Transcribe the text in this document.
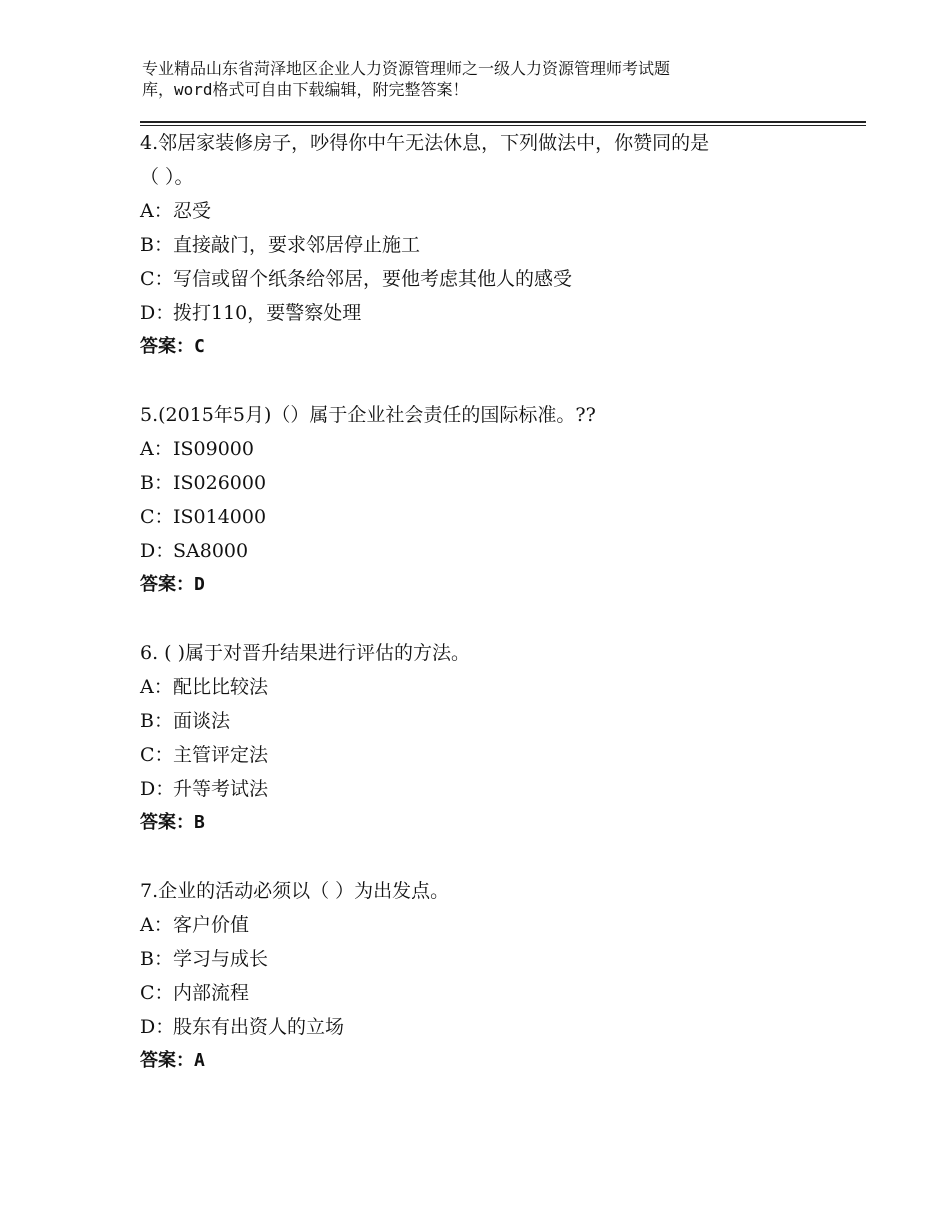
专业精品山东省菏泽地区企业人力资源管理师之一级人力资源管理师考试题
库，word格式可自由下载编辑，附完整答案！
4.邻居家装修房子，吵得你中午无法休息，下列做法中，你赞同的是
（ ）。
A：忍受
B：直接敲门，要求邻居停止施工
C：写信或留个纸条给邻居，要他考虑其他人的感受
D：拨打110，要警察处理
答案：C
5.(2015年5月)（）属于企业社会责任的国际标准。??
A：IS09000
B：IS026000
C：IS014000
D：SA8000
答案：D
6. ( )属于对晋升结果进行评估的方法。
A：配比比较法
B：面谈法
C：主管评定法
D：升等考试法
答案：B
7.企业的活动必须以（ ）为出发点。
A：客户价值
B：学习与成长
C：内部流程
D：股东有出资人的立场
答案：A
